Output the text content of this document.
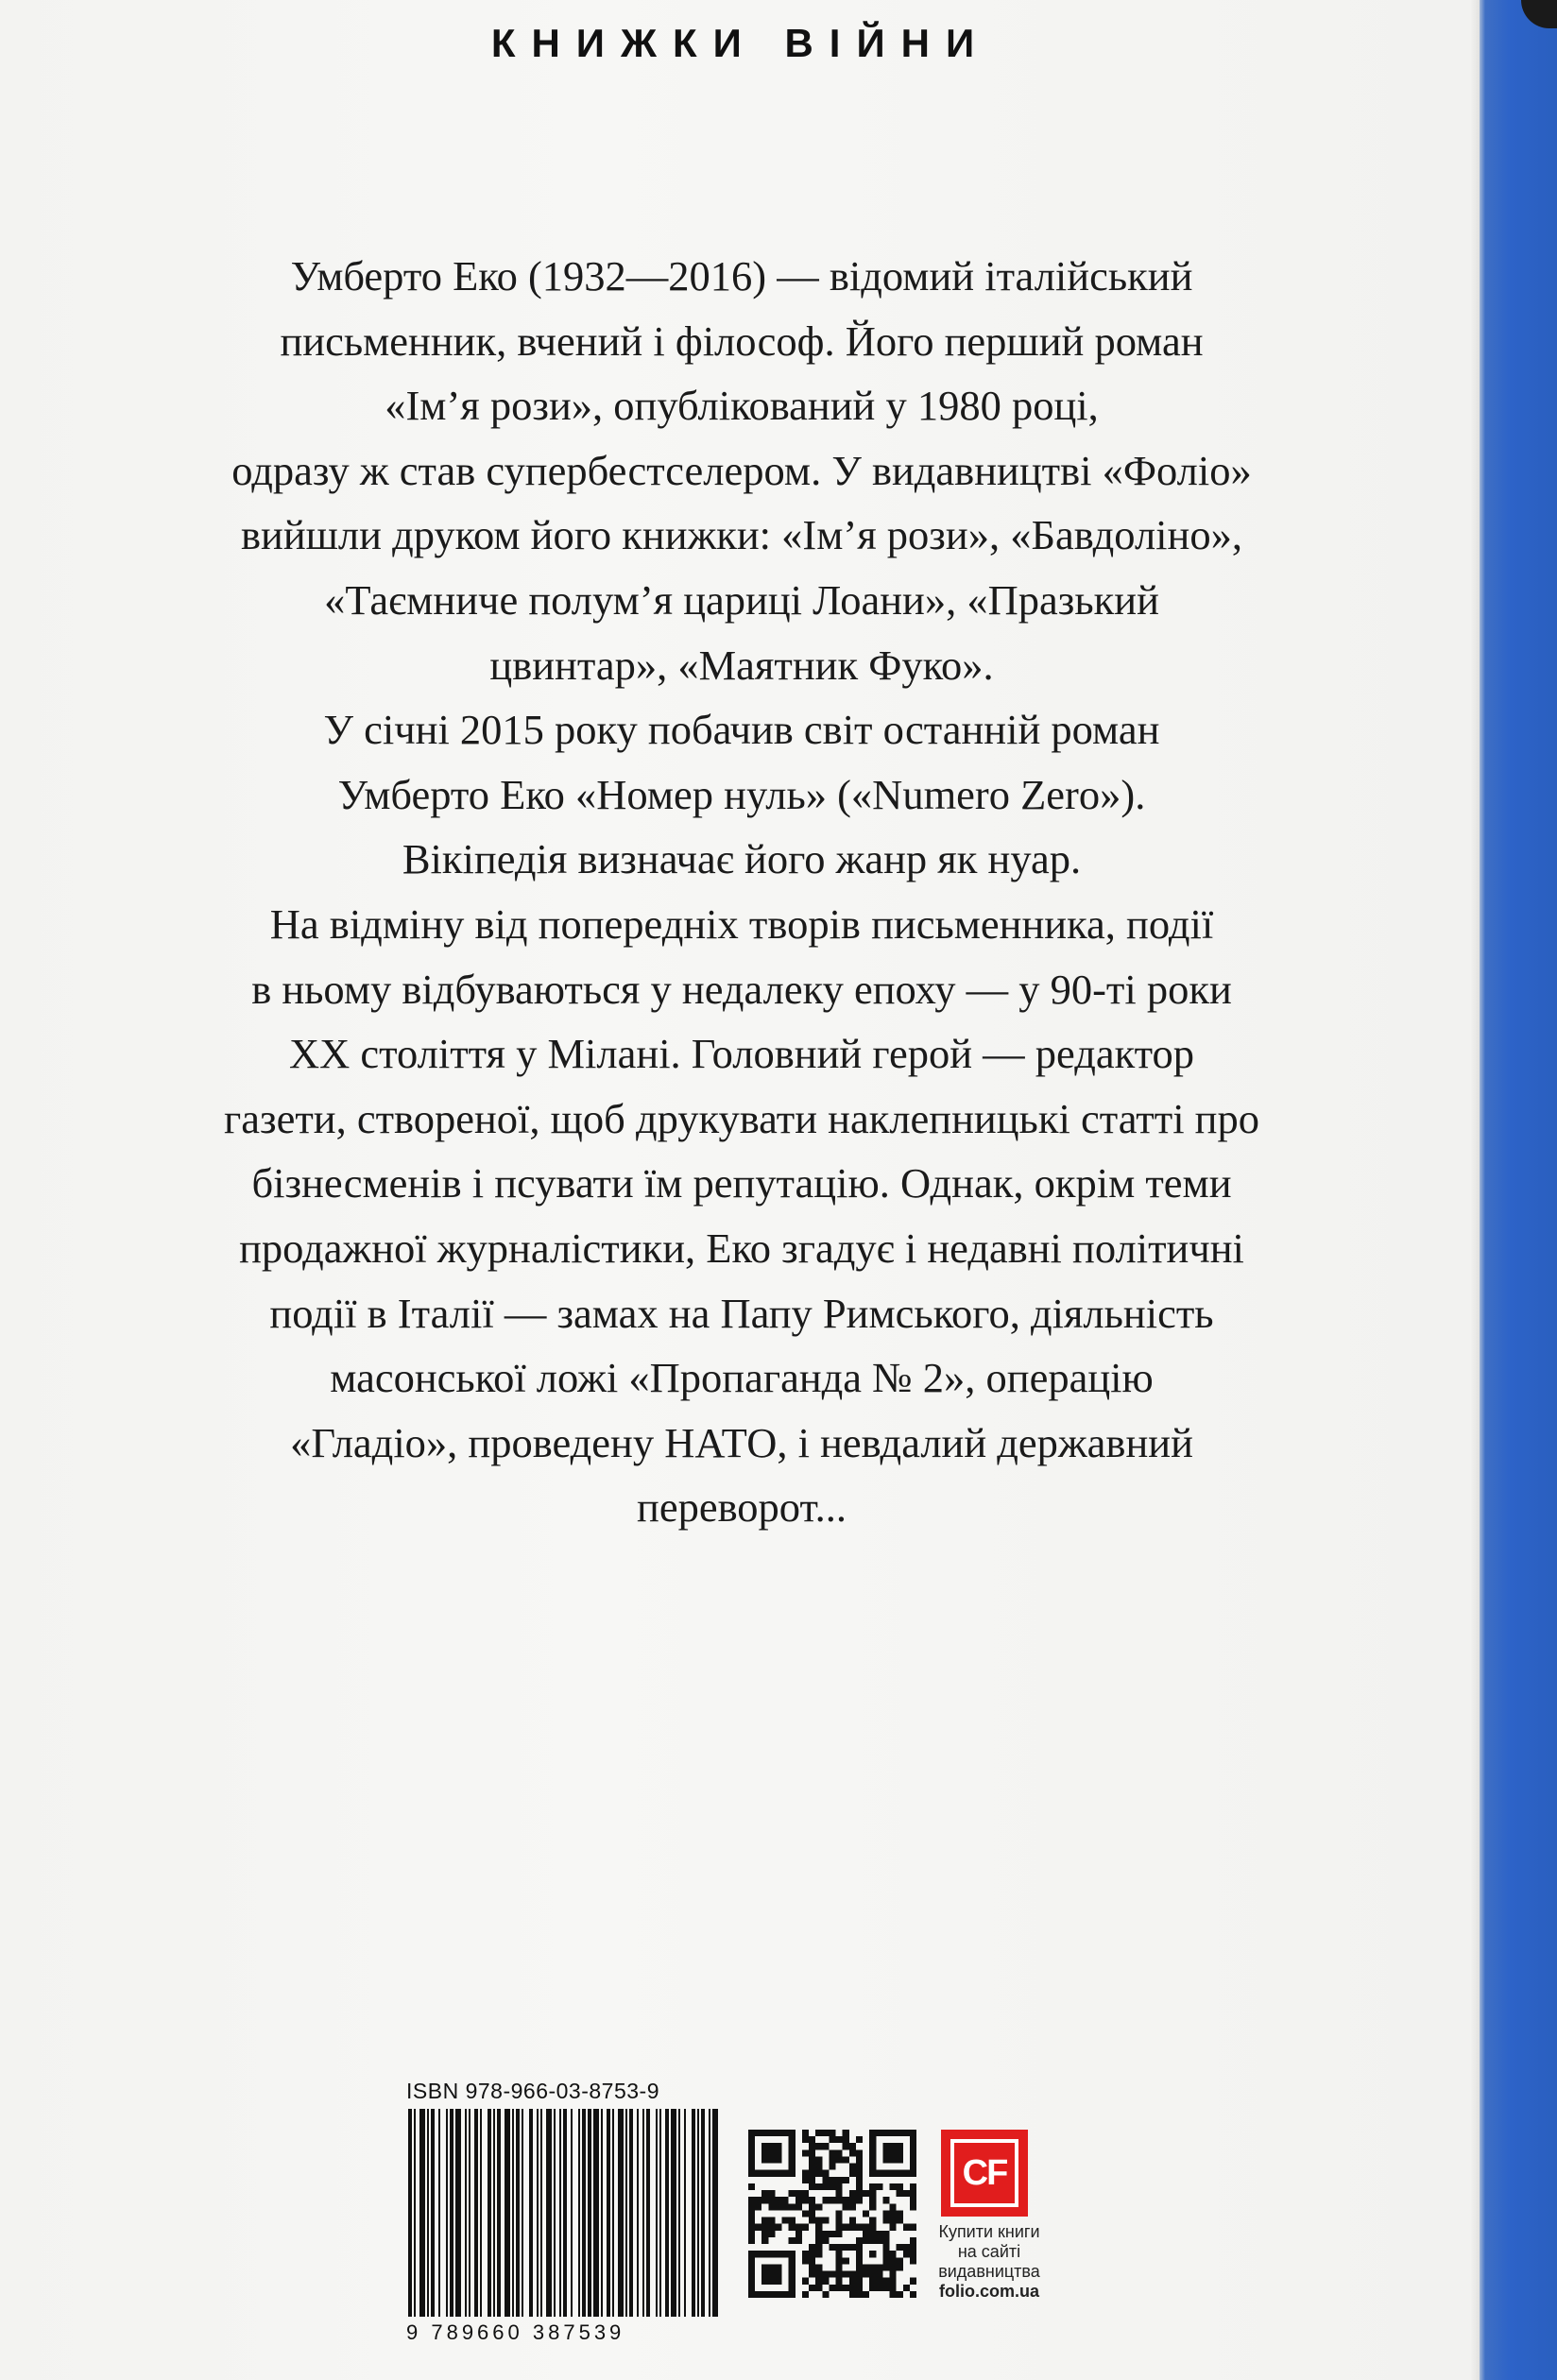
КНИЖКИ ВІЙНИ
Умберто Еко (1932—2016) — відомий італійський
письменник, вчений і філософ. Його перший роман
«Ім’я рози», опублікований у 1980 році,
одразу ж став супербестселером. У видавництві «Фоліо»
вийшли друком його книжки: «Ім’я рози», «Бавдоліно»,
«Таємниче полум’я цариці Лоани», «Празький
цвинтар», «Маятник Фуко».
У січні 2015 року побачив світ останній роман
Умберто Еко «Номер нуль» («Numero Zero»).
Вікіпедія визначає його жанр як нуар.
На відміну від попередніх творів письменника, події
в ньому відбуваються у недалеку епоху — у 90-ті роки
XX століття у Мілані. Головний герой — редактор
газети, створеної, щоб друкувати наклепницькі статті про
бізнесменів і псувати їм репутацію. Однак, окрім теми
продажної журналістики, Еко згадує і недавні політичні
події в Італії — замах на Папу Римського, діяльність
масонської ложі «Пропаганда № 2», операцію
«Гладіо», проведену НАТО, і невдалий державний
переворот...
ISBN 978-966-03-8753-9
9 789660 387539
CF
Купити книги
на сайті
видавництва
folio.com.ua
